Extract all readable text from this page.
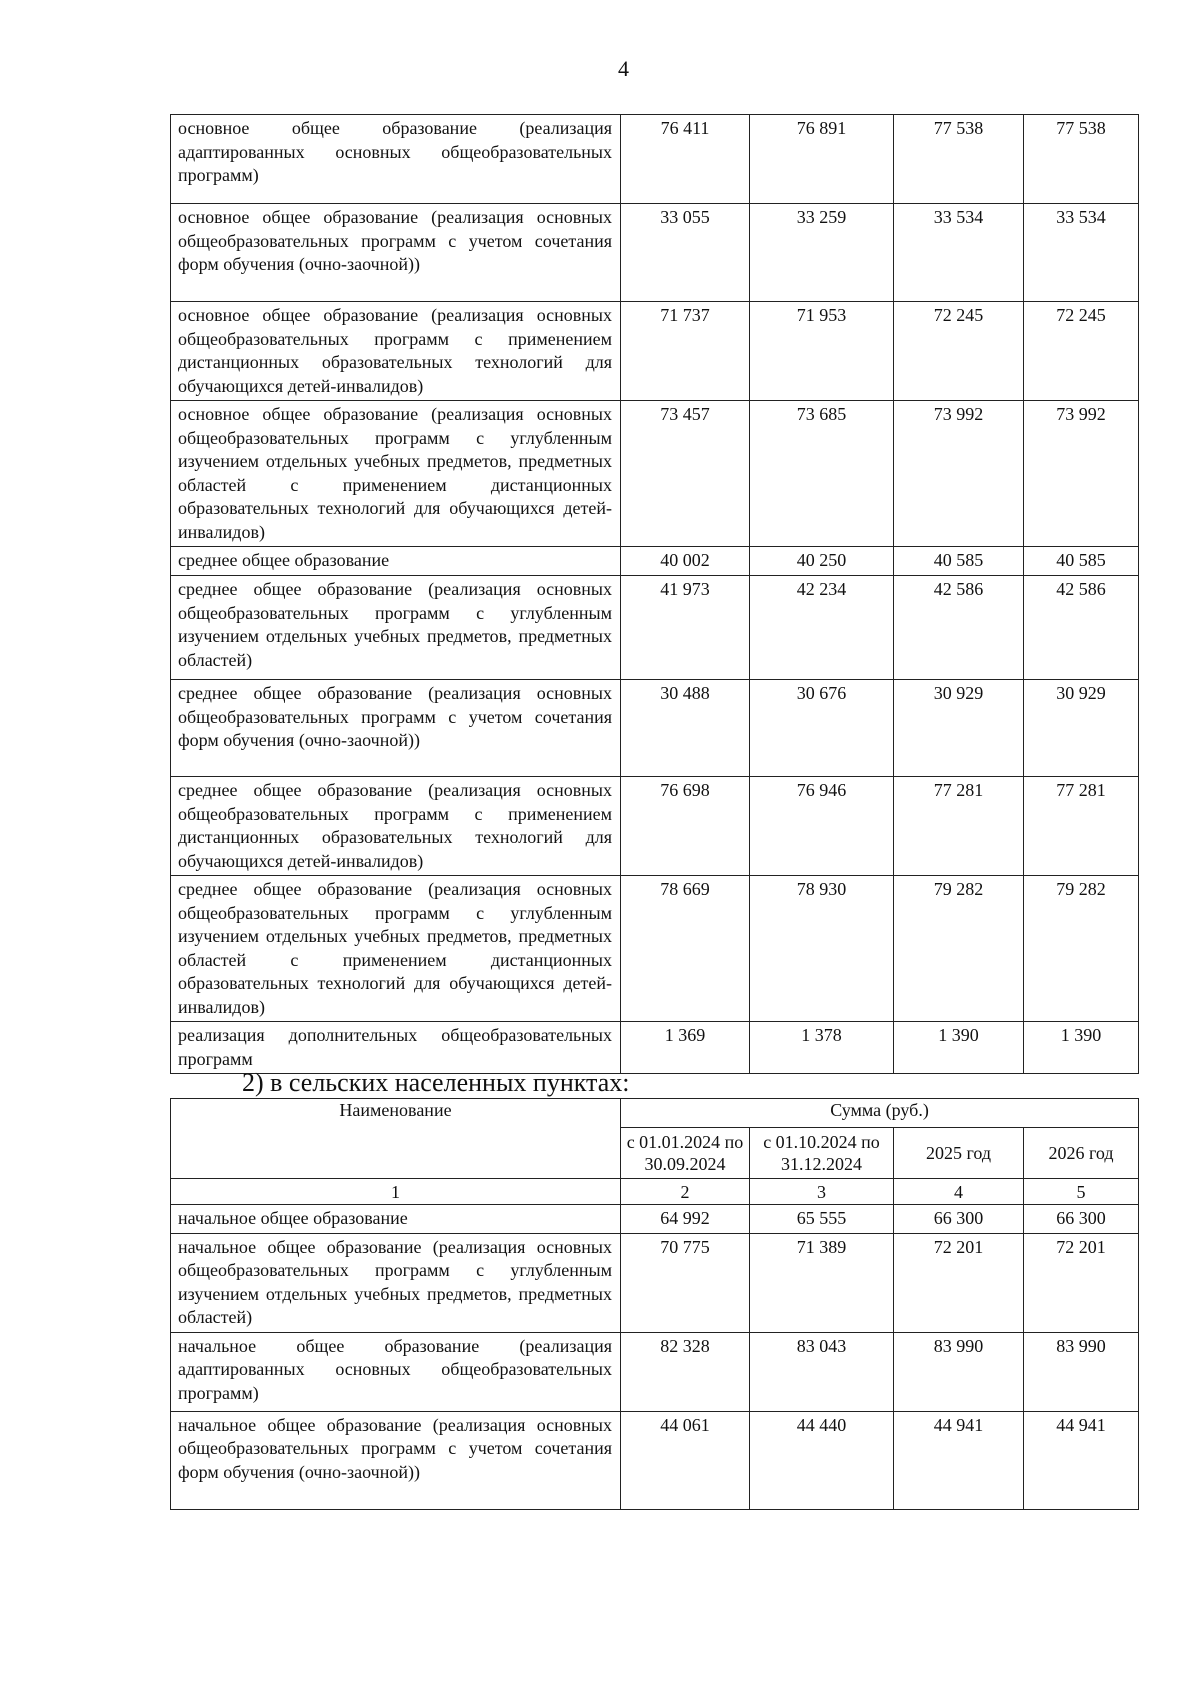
4
основное общее образование (реализация адаптированных основных общеобразовательных программ)	76 411	76 891	77 538	77 538
основное общее образование (реализация основных общеобразовательных программ с учетом сочетания форм обучения (очно-заочной))	33 055	33 259	33 534	33 534
основное общее образование (реализация основных общеобразовательных программ с применением дистанционных образовательных технологий для обучающихся детей-инвалидов)	71 737	71 953	72 245	72 245
основное общее образование (реализация основных общеобразовательных программ с углубленным изучением отдельных учебных предметов, предметных областей с применением дистанционных образовательных технологий для обучающихся детей-инвалидов)	73 457	73 685	73 992	73 992
среднее общее образование	40 002	40 250	40 585	40 585
среднее общее образование (реализация основных общеобразовательных программ с углубленным изучением отдельных учебных предметов, предметных областей)	41 973	42 234	42 586	42 586
среднее общее образование (реализация основных общеобразовательных программ с учетом сочетания форм обучения (очно-заочной))	30 488	30 676	30 929	30 929
среднее общее образование (реализация основных общеобразовательных программ с применением дистанционных образовательных технологий для обучающихся детей-инвалидов)	76 698	76 946	77 281	77 281
среднее общее образование (реализация основных общеобразовательных программ с углубленным изучением отдельных учебных предметов, предметных областей с применением дистанционных образовательных технологий для обучающихся детей-инвалидов)	78 669	78 930	79 282	79 282
реализация дополнительных общеобразовательных программ	1 369	1 378	1 390	1 390
2) в сельских населенных пунктах:
Наименование	Сумма (руб.)			
	с 01.01.2024 по 30.09.2024	с 01.10.2024 по 31.12.2024	2025 год	2026 год
1	2	3	4	5
начальное общее образование	64 992	65 555	66 300	66 300
начальное общее образование (реализация основных общеобразовательных программ с углубленным изучением отдельных учебных предметов, предметных областей)	70 775	71 389	72 201	72 201
начальное общее образование (реализация адаптированных основных общеобразовательных программ)	82 328	83 043	83 990	83 990
начальное общее образование (реализация основных общеобразовательных программ с учетом сочетания форм обучения (очно-заочной))	44 061	44 440	44 941	44 941
